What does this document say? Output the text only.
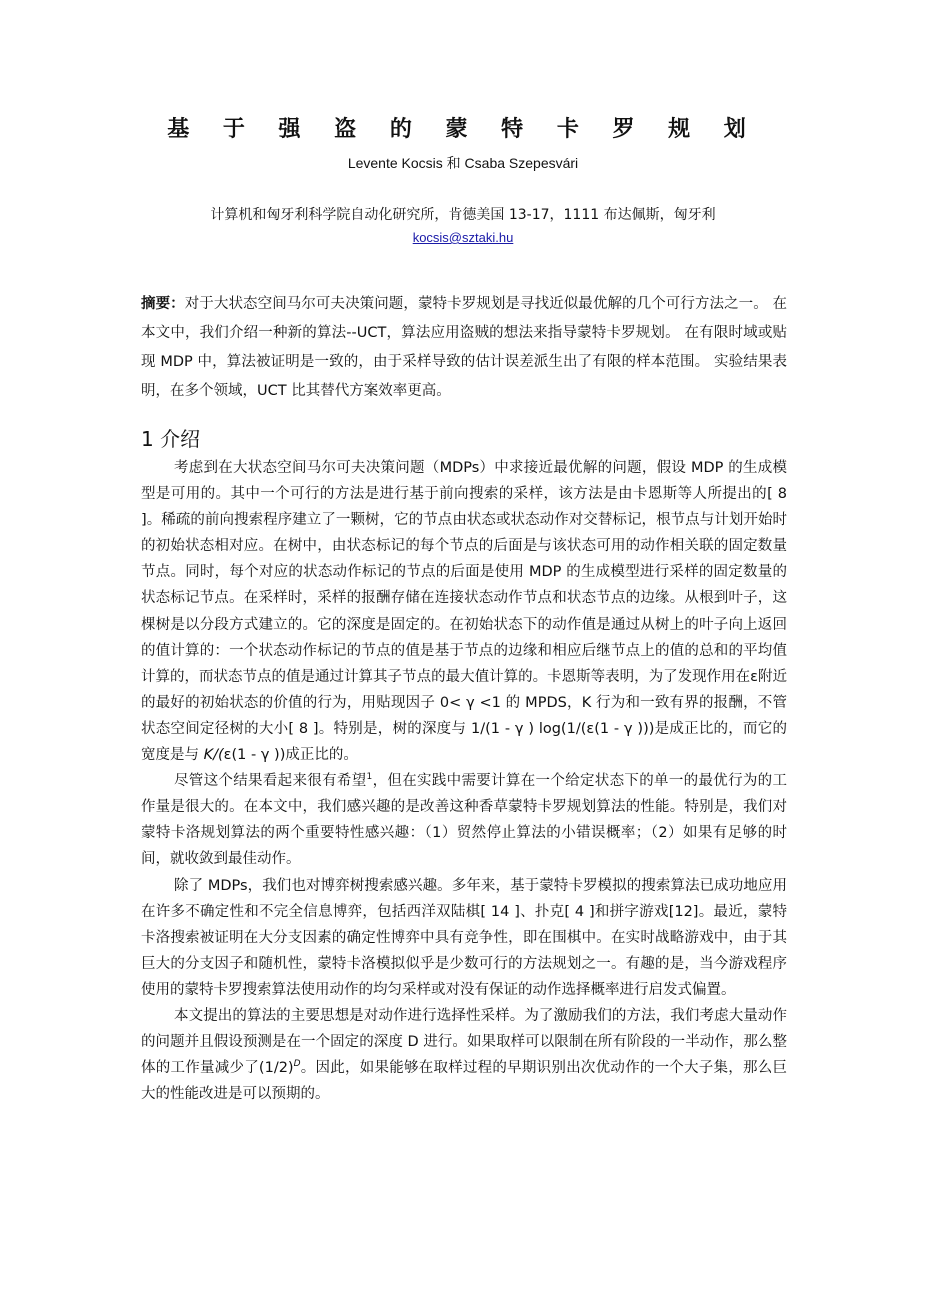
基 于 强 盗 的 蒙 特 卡 罗 规 划
Levente Kocsis 和 Csaba Szepesvári
计算机和匈牙利科学院自动化研究所，肯德美国 13-17，1111 布达佩斯，匈牙利
kocsis@sztaki.hu

摘要：对于大状态空间马尔可夫决策问题，蒙特卡罗规划是寻找近似最优解的几个可行方法之一。 在本文中，我们介绍一种新的算法--UCT，算法应用盗贼的想法来指导蒙特卡罗规划。 在有限时域或贴现 MDP 中，算法被证明是一致的，由于采样导致的估计误差派生出了有限的样本范围。 实验结果表明，在多个领域，UCT 比其替代方案效率更高。

1 介绍

考虑到在大状态空间马尔可夫决策问题（MDPs）中求接近最优解的问题，假设 MDP 的生成模型是可用的。其中一个可行的方法是进行基于前向搜索的采样，该方法是由卡恩斯等人所提出的[ 8 ]。稀疏的前向搜索程序建立了一颗树，它的节点由状态或状态动作对交替标记，根节点与计划开始时的初始状态相对应。在树中，由状态标记的每个节点的后面是与该状态可用的动作相关联的固定数量节点。同时，每个对应的状态动作标记的节点的后面是使用 MDP 的生成模型进行采样的固定数量的状态标记节点。在采样时，采样的报酬存储在连接状态动作节点和状态节点的边缘。从根到叶子，这棵树是以分段方式建立的。它的深度是固定的。在初始状态下的动作值是通过从树上的叶子向上返回的值计算的：一个状态动作标记的节点的值是基于节点的边缘和相应后继节点上的值的总和的平均值计算的，而状态节点的值是通过计算其子节点的最大值计算的。卡恩斯等表明，为了发现作用在ε附近的最好的初始状态的价值的行为，用贴现因子 0< γ <1 的 MPDS，K 行为和一致有界的报酬，不管状态空间定径树的大小[ 8 ]。特别是，树的深度与 1/(1 - γ ) log(1/(ε(1 - γ )))是成正比的，而它的宽度是与 K/(ε(1 - γ ))成正比的。

尽管这个结果看起来很有希望$^1$，但在实践中需要计算在一个给定状态下的单一的最优行为的工作量是很大的。在本文中，我们感兴趣的是改善这种香草蒙特卡罗规划算法的性能。特别是，我们对蒙特卡洛规划算法的两个重要特性感兴趣：（1）贸然停止算法的小错误概率；（2）如果有足够的时间，就收敛到最佳动作。

除了 MDPs，我们也对博弈树搜索感兴趣。多年来，基于蒙特卡罗模拟的搜索算法已成功地应用在许多不确定性和不完全信息博弈，包括西洋双陆棋[ 14 ]、扑克[ 4 ]和拼字游戏[12]。最近，蒙特卡洛搜索被证明在大分支因素的确定性博弈中具有竞争性，即在围棋中。在实时战略游戏中，由于其巨大的分支因子和随机性，蒙特卡洛模拟似乎是少数可行的方法规划之一。有趣的是，当今游戏程序使用的蒙特卡罗搜索算法使用动作的均匀采样或对没有保证的动作选择概率进行启发式偏置。

本文提出的算法的主要思想是对动作进行选择性采样。为了激励我们的方法，我们考虑大量动作的问题并且假设预测是在一个固定的深度 D 进行。如果取样可以限制在所有阶段的一半动作，那么整体的工作量减少了$(1/2)^D$。因此，如果能够在取样过程的早期识别出次优动作的一个大子集，那么巨大的性能改进是可以预期的。
